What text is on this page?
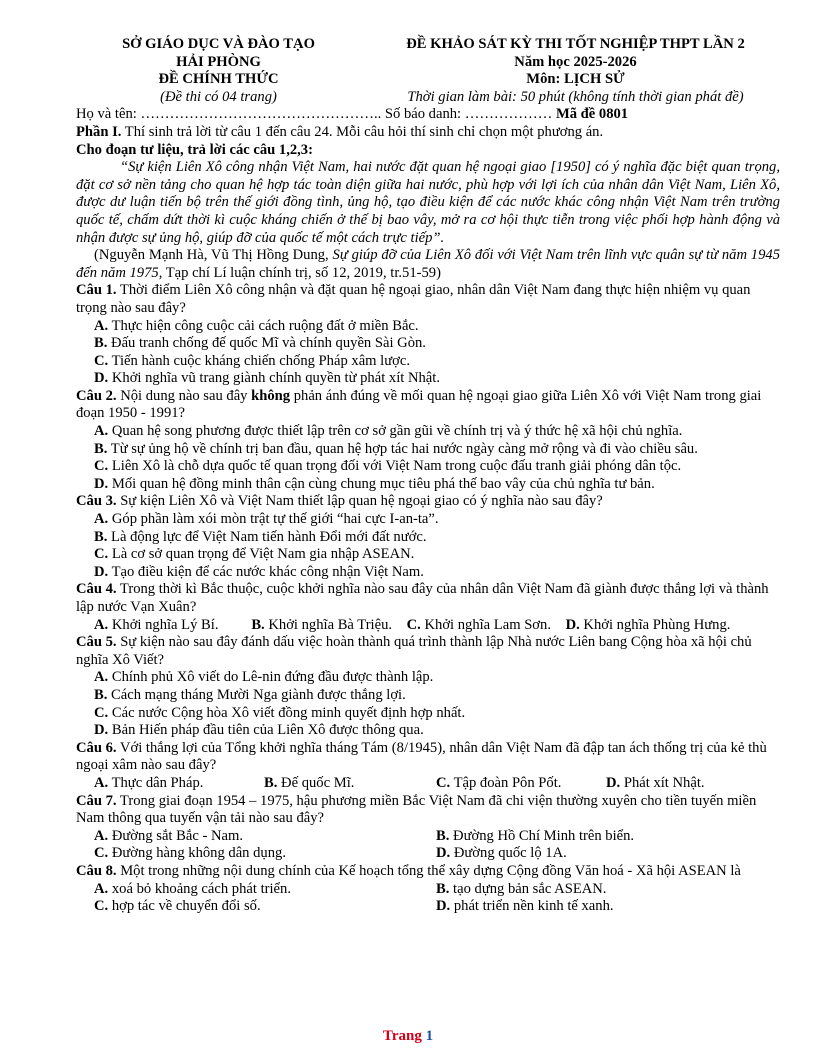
SỞ GIÁO DỤC VÀ ĐÀO TẠO
HẢI PHÒNG
ĐỀ CHÍNH THỨC
(Đề thi có 04 trang)
ĐỀ KHẢO SÁT KỲ THI TỐT NGHIỆP THPT LẦN 2
Năm học 2025-2026
Môn: LỊCH SỬ
Thời gian làm bài: 50 phút (không tính thời gian phát đề)

Họ và tên: ………………………………………….. Số báo danh: ……………… Mã đề 0801

Phần I. Thí sinh trả lời từ câu 1 đến câu 24. Mỗi câu hỏi thí sinh chỉ chọn một phương án.

Cho đoạn tư liệu, trả lời các câu 1,2,3:

“Sự kiện Liên Xô công nhận Việt Nam, hai nước đặt quan hệ ngoại giao [1950] có ý nghĩa đặc biệt quan trọng, đặt cơ sở nền tảng cho quan hệ hợp tác toàn diện giữa hai nước, phù hợp với lợi ích của nhân dân Việt Nam, Liên Xô, được dư luận tiến bộ trên thế giới đồng tình, ủng hộ, tạo điều kiện để các nước khác công nhận Việt Nam trên trường quốc tế, chấm dứt thời kì cuộc kháng chiến ở thế bị bao vây, mở ra cơ hội thực tiễn trong việc phối hợp hành động và nhận được sự ủng hộ, giúp đỡ của quốc tế một cách trực tiếp”.

(Nguyễn Mạnh Hà, Vũ Thị Hồng Dung, Sự giúp đỡ của Liên Xô đối với Việt Nam trên lĩnh vực quân sự từ năm 1945 đến năm 1975, Tạp chí Lí luận chính trị, số 12, 2019, tr.51-59)

Câu 1. Thời điểm Liên Xô công nhận và đặt quan hệ ngoại giao, nhân dân Việt Nam đang thực hiện nhiệm vụ quan trọng nào sau đây?

A. Thực hiện công cuộc cải cách ruộng đất ở miền Bắc.
B. Đấu tranh chống đế quốc Mĩ và chính quyền Sài Gòn.
C. Tiến hành cuộc kháng chiến chống Pháp xâm lược.
D. Khởi nghĩa vũ trang giành chính quyền từ phát xít Nhật.

Câu 2. Nội dung nào sau đây không phản ánh đúng về mối quan hệ ngoại giao giữa Liên Xô với Việt Nam trong giai đoạn 1950 - 1991?

A. Quan hệ song phương được thiết lập trên cơ sở gần gũi về chính trị và ý thức hệ xã hội chủ nghĩa.
B. Từ sự ủng hộ về chính trị ban đầu, quan hệ hợp tác hai nước ngày càng mở rộng và đi vào chiều sâu.
C. Liên Xô là chỗ dựa quốc tế quan trọng đối với Việt Nam trong cuộc đấu tranh giải phóng dân tộc.
D. Mối quan hệ đồng minh thân cận cùng chung mục tiêu phá thế bao vây của chủ nghĩa tư bản.

Câu 3. Sự kiện Liên Xô và Việt Nam thiết lập quan hệ ngoại giao có ý nghĩa nào sau đây?

A. Góp phần làm xói mòn trật tự thế giới “hai cực I-an-ta”.
B. Là động lực để Việt Nam tiến hành Đổi mới đất nước.
C. Là cơ sở quan trọng để Việt Nam gia nhập ASEAN.
D. Tạo điều kiện để các nước khác công nhận Việt Nam.

Câu 4. Trong thời kì Bắc thuộc, cuộc khởi nghĩa nào sau đây của nhân dân Việt Nam đã giành được thắng lợi và thành lập nước Vạn Xuân?

A. Khởi nghĩa Lý Bí. B. Khởi nghĩa Bà Triệu. C. Khởi nghĩa Lam Sơn. D. Khởi nghĩa Phùng Hưng.

Câu 5. Sự kiện nào sau đây đánh dấu việc hoàn thành quá trình thành lập Nhà nước Liên bang Cộng hòa xã hội chủ nghĩa Xô Viết?

A. Chính phủ Xô viết do Lê-nin đứng đầu được thành lập.
B. Cách mạng tháng Mười Nga giành được thắng lợi.
C. Các nước Cộng hòa Xô viết đồng minh quyết định hợp nhất.
D. Bản Hiến pháp đầu tiên của Liên Xô được thông qua.

Câu 6. Với thắng lợi của Tổng khởi nghĩa tháng Tám (8/1945), nhân dân Việt Nam đã đập tan ách thống trị của kẻ thù ngoại xâm nào sau đây?

A. Thực dân Pháp.	B. Đế quốc Mĩ.	C. Tập đoàn Pôn Pốt.	D. Phát xít Nhật.

Câu 7. Trong giai đoạn 1954 – 1975, hậu phương miền Bắc Việt Nam đã chi viện thường xuyên cho tiền tuyến miền Nam thông qua tuyến vận tải nào sau đây?

A. Đường sắt Bắc - Nam.	B. Đường Hồ Chí Minh trên biển.
C. Đường hàng không dân dụng.	D. Đường quốc lộ 1A.

Câu 8. Một trong những nội dung chính của Kế hoạch tổng thể xây dựng Cộng đồng Văn hoá - Xã hội ASEAN là

A. xoá bỏ khoảng cách phát triển.	B. tạo dựng bản sắc ASEAN.
C. hợp tác về chuyển đổi số.	D. phát triển nền kinh tế xanh.
Trang 1
